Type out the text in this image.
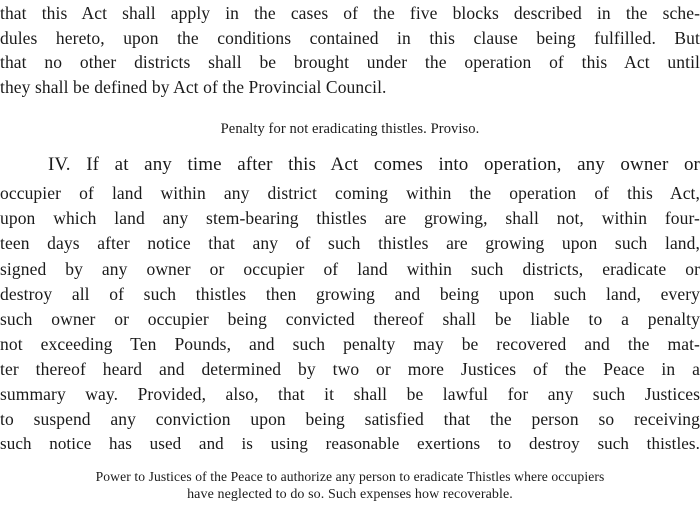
that this Act shall apply in the cases of the five blocks described in the sche-
dules hereto, upon the conditions contained in this clause being fulfilled. But
that no other districts shall be brought under the operation of this Act until
they shall be defined by Act of the Provincial Council.
Penalty for not eradicating thistles. Proviso.
IV. If at any time after this Act comes into operation, any owner or
occupier of land within any district coming within the operation of this Act,
upon which land any stem-bearing thistles are growing, shall not, within four-
teen days after notice that any of such thistles are growing upon such land,
signed by any owner or occupier of land within such districts, eradicate or
destroy all of such thistles then growing and being upon such land, every
such owner or occupier being convicted thereof shall be liable to a penalty
not exceeding Ten Pounds, and such penalty may be recovered and the mat-
ter thereof heard and determined by two or more Justices of the Peace in a
summary way. Provided, also, that it shall be lawful for any such Justices
to suspend any conviction upon being satisfied that the person so receiving
such notice has used and is using reasonable exertions to destroy such thistles.
Power to Justices of the Peace to authorize any person to eradicate Thistles where occupiers
have neglected to do so. Such expenses how recoverable.
